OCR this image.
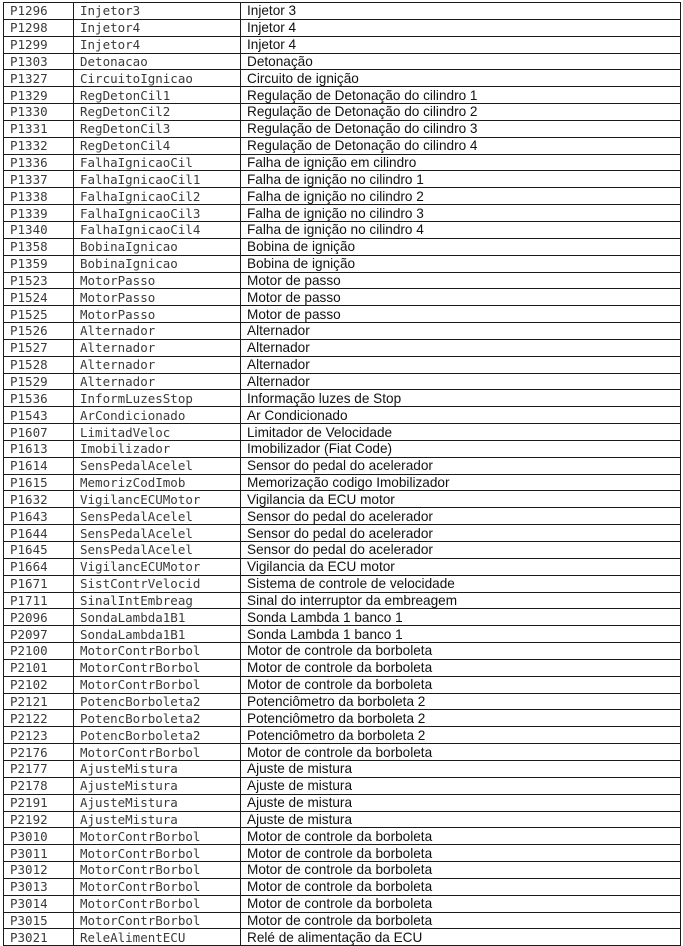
P1296	Injetor3	Injetor 3
P1298	Injetor4	Injetor 4
P1299	Injetor4	Injetor 4
P1303	Detonacao	Detonação
P1327	CircuitoIgnicao	Circuito de ignição
P1329	RegDetonCil1	Regulação de Detonação do cilindro 1
P1330	RegDetonCil2	Regulação de Detonação do cilindro 2
P1331	RegDetonCil3	Regulação de Detonação do cilindro 3
P1332	RegDetonCil4	Regulação de Detonação do cilindro 4
P1336	FalhaIgnicaoCil	Falha de ignição em cilindro
P1337	FalhaIgnicaoCil1	Falha de ignição no cilindro 1
P1338	FalhaIgnicaoCil2	Falha de ignição no cilindro 2
P1339	FalhaIgnicaoCil3	Falha de ignição no cilindro 3
P1340	FalhaIgnicaoCil4	Falha de ignição no cilindro 4
P1358	BobinaIgnicao	Bobina de ignição
P1359	BobinaIgnicao	Bobina de ignição
P1523	MotorPasso	Motor de passo
P1524	MotorPasso	Motor de passo
P1525	MotorPasso	Motor de passo
P1526	Alternador	Alternador
P1527	Alternador	Alternador
P1528	Alternador	Alternador
P1529	Alternador	Alternador
P1536	InformLuzesStop	Informação luzes de Stop
P1543	ArCondicionado	Ar Condicionado
P1607	LimitadVeloc	Limitador de Velocidade
P1613	Imobilizador	Imobilizador (Fiat Code)
P1614	SensPedalAcelel	Sensor do pedal do acelerador
P1615	MemorizCodImob	Memorização codigo Imobilizador
P1632	VigilancECUMotor	Vigilancia da ECU motor
P1643	SensPedalAcelel	Sensor do pedal do acelerador
P1644	SensPedalAcelel	Sensor do pedal do acelerador
P1645	SensPedalAcelel	Sensor do pedal do acelerador
P1664	VigilancECUMotor	Vigilancia da ECU motor
P1671	SistContrVelocid	Sistema de controle de velocidade
P1711	SinalIntEmbreag	Sinal do interruptor da embreagem
P2096	SondaLambda1B1	Sonda Lambda 1 banco 1
P2097	SondaLambda1B1	Sonda Lambda 1 banco 1
P2100	MotorContrBorbol	Motor de controle da borboleta
P2101	MotorContrBorbol	Motor de controle da borboleta
P2102	MotorContrBorbol	Motor de controle da borboleta
P2121	PotencBorboleta2	Potenciômetro da borboleta 2
P2122	PotencBorboleta2	Potenciômetro da borboleta 2
P2123	PotencBorboleta2	Potenciômetro da borboleta 2
P2176	MotorContrBorbol	Motor de controle da borboleta
P2177	AjusteMistura	Ajuste de mistura
P2178	AjusteMistura	Ajuste de mistura
P2191	AjusteMistura	Ajuste de mistura
P2192	AjusteMistura	Ajuste de mistura
P3010	MotorContrBorbol	Motor de controle da borboleta
P3011	MotorContrBorbol	Motor de controle da borboleta
P3012	MotorContrBorbol	Motor de controle da borboleta
P3013	MotorContrBorbol	Motor de controle da borboleta
P3014	MotorContrBorbol	Motor de controle da borboleta
P3015	MotorContrBorbol	Motor de controle da borboleta
P3021	ReleAlimentECU	Relé de alimentação da ECU
